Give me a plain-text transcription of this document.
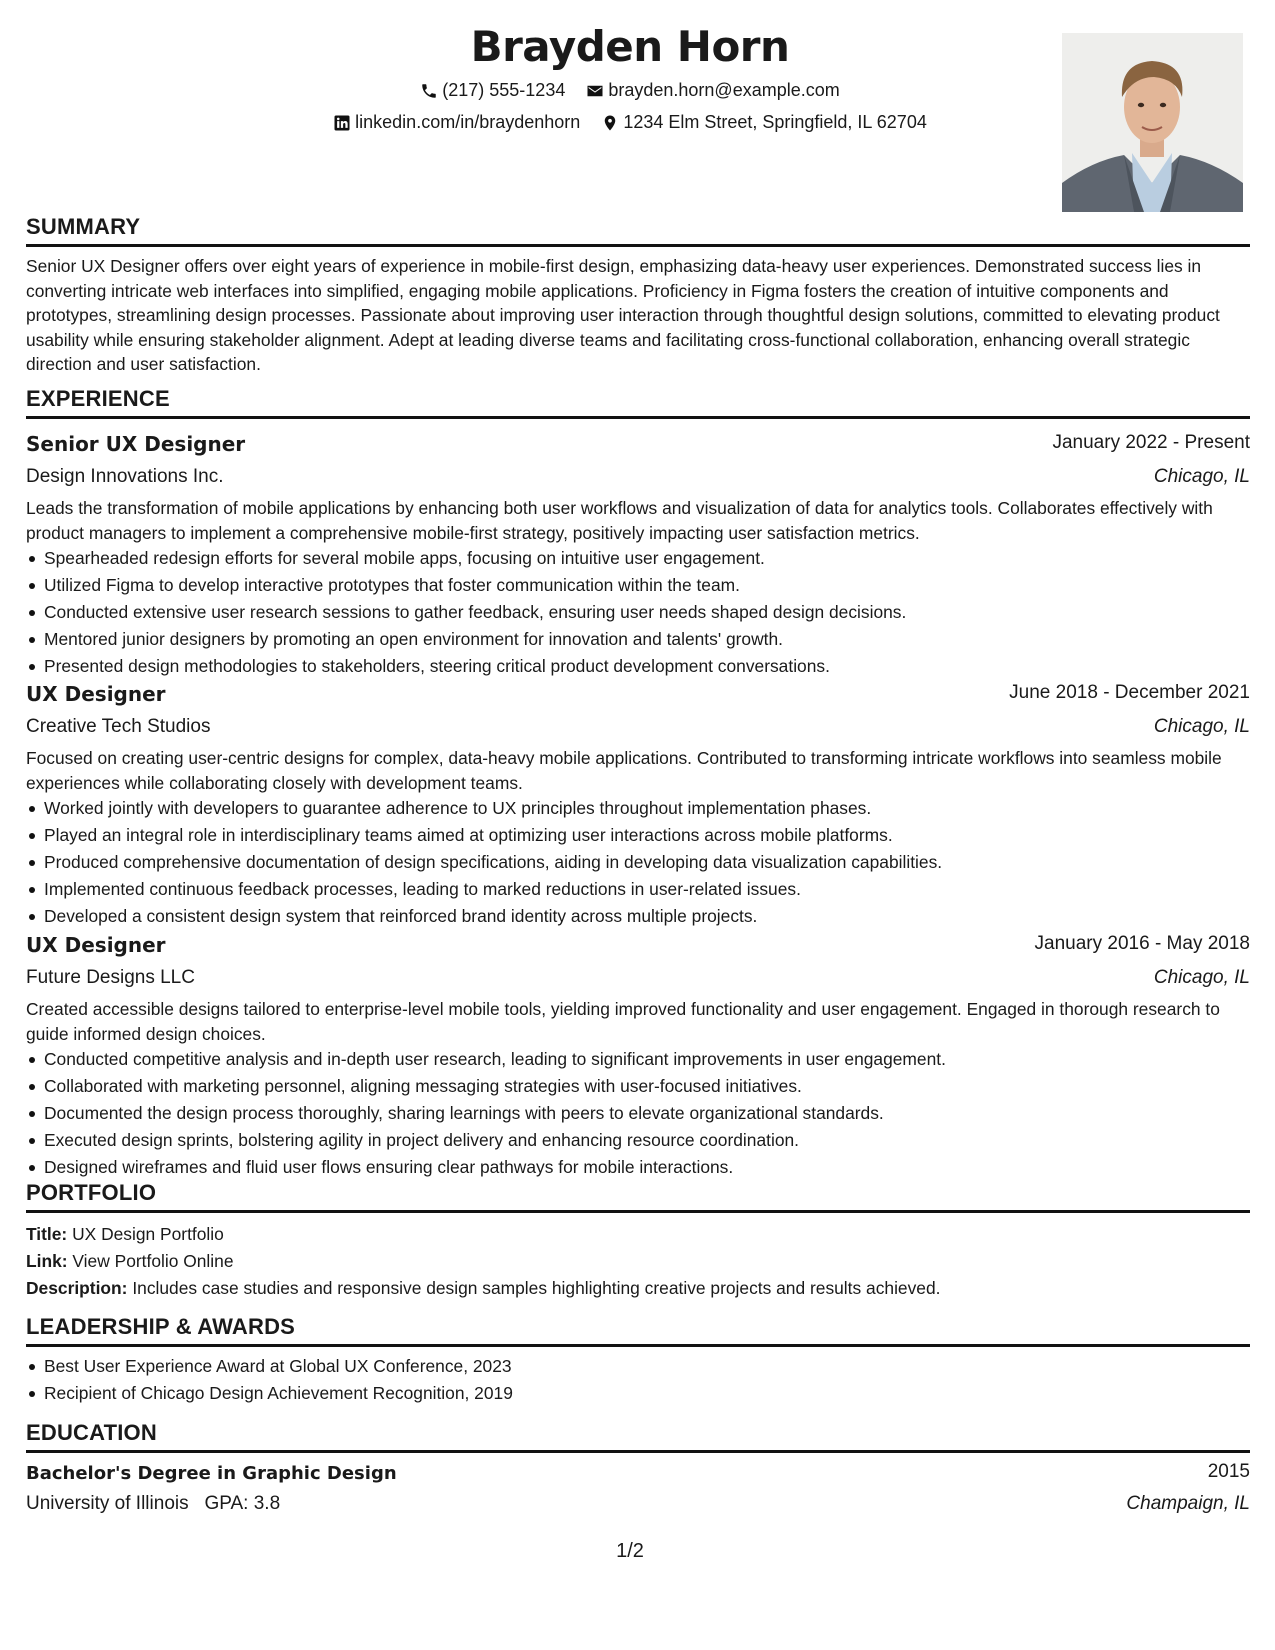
Brayden Horn
(217) 555-1234
brayden.horn@example.com
linkedin.com/in/braydenhorn
1234 Elm Street, Springfield, IL 62704
SUMMARY
Senior UX Designer offers over eight years of experience in mobile-first design, emphasizing data-heavy user experiences. Demonstrated success lies in converting intricate web interfaces into simplified, engaging mobile applications. Proficiency in Figma fosters the creation of intuitive components and prototypes, streamlining design processes. Passionate about improving user interaction through thoughtful design solutions, committed to elevating product usability while ensuring stakeholder alignment. Adept at leading diverse teams and facilitating cross-functional collaboration, enhancing overall strategic direction and user satisfaction.
EXPERIENCE
Senior UX Designer	January 2022 - Present
Design Innovations Inc.	Chicago, IL
Leads the transformation of mobile applications by enhancing both user workflows and visualization of data for analytics tools. Collaborates effectively with product managers to implement a comprehensive mobile-first strategy, positively impacting user satisfaction metrics.
Spearheaded redesign efforts for several mobile apps, focusing on intuitive user engagement.
Utilized Figma to develop interactive prototypes that foster communication within the team.
Conducted extensive user research sessions to gather feedback, ensuring user needs shaped design decisions.
Mentored junior designers by promoting an open environment for innovation and talents' growth.
Presented design methodologies to stakeholders, steering critical product development conversations.
UX Designer	June 2018 - December 2021
Creative Tech Studios	Chicago, IL
Focused on creating user-centric designs for complex, data-heavy mobile applications. Contributed to transforming intricate workflows into seamless mobile experiences while collaborating closely with development teams.
Worked jointly with developers to guarantee adherence to UX principles throughout implementation phases.
Played an integral role in interdisciplinary teams aimed at optimizing user interactions across mobile platforms.
Produced comprehensive documentation of design specifications, aiding in developing data visualization capabilities.
Implemented continuous feedback processes, leading to marked reductions in user-related issues.
Developed a consistent design system that reinforced brand identity across multiple projects.
UX Designer	January 2016 - May 2018
Future Designs LLC	Chicago, IL
Created accessible designs tailored to enterprise-level mobile tools, yielding improved functionality and user engagement. Engaged in thorough research to guide informed design choices.
Conducted competitive analysis and in-depth user research, leading to significant improvements in user engagement.
Collaborated with marketing personnel, aligning messaging strategies with user-focused initiatives.
Documented the design process thoroughly, sharing learnings with peers to elevate organizational standards.
Executed design sprints, bolstering agility in project delivery and enhancing resource coordination.
Designed wireframes and fluid user flows ensuring clear pathways for mobile interactions.
PORTFOLIO
Title: UX Design Portfolio
Link: View Portfolio Online
Description: Includes case studies and responsive design samples highlighting creative projects and results achieved.
LEADERSHIP & AWARDS
Best User Experience Award at Global UX Conference, 2023
Recipient of Chicago Design Achievement Recognition, 2019
EDUCATION
Bachelor's Degree in Graphic Design	2015
University of Illinois GPA: 3.8	Champaign, IL
1/2
